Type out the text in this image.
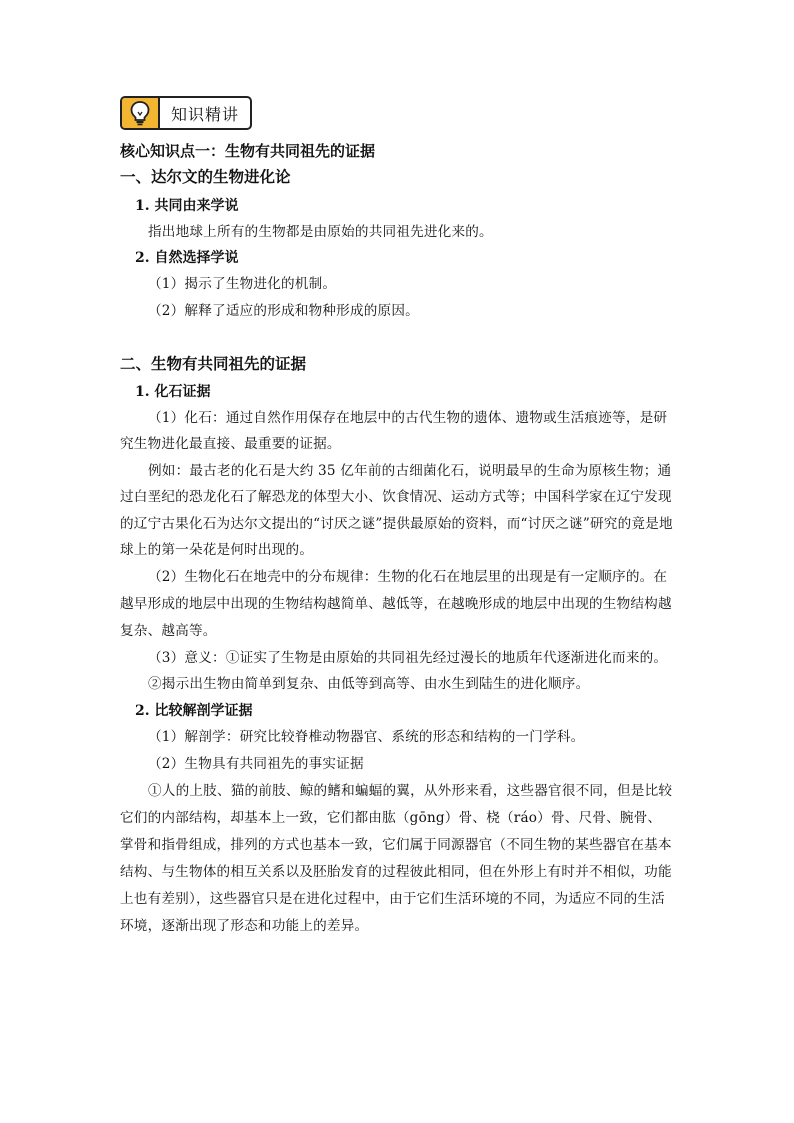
知识精讲
核心知识点一：生物有共同祖先的证据
一、达尔文的生物进化论
1. 共同由来学说
指出地球上所有的生物都是由原始的共同祖先进化来的。
2. 自然选择学说
（1）揭示了生物进化的机制。
（2）解释了适应的形成和物种形成的原因。
二、生物有共同祖先的证据
1. 化石证据
（1）化石：通过自然作用保存在地层中的古代生物的遗体、遗物或生活痕迹等，是研
究生物进化最直接、最重要的证据。
例如：最古老的化石是大约 35 亿年前的古细菌化石，说明最早的生命为原核生物；通
过白垩纪的恐龙化石了解恐龙的体型大小、饮食情况、运动方式等；中国科学家在辽宁发现
的辽宁古果化石为达尔文提出的“讨厌之谜”提供最原始的资料，而“讨厌之谜”研究的竟是地
球上的第一朵花是何时出现的。
（2）生物化石在地壳中的分布规律：生物的化石在地层里的出现是有一定顺序的。在
越早形成的地层中出现的生物结构越简单、越低等，在越晚形成的地层中出现的生物结构越
复杂、越高等。
（3）意义：①证实了生物是由原始的共同祖先经过漫长的地质年代逐渐进化而来的。
②揭示出生物由简单到复杂、由低等到高等、由水生到陆生的进化顺序。
2. 比较解剖学证据
（1）解剖学：研究比较脊椎动物器官、系统的形态和结构的一门学科。
（2）生物具有共同祖先的事实证据
①人的上肢、猫的前肢、鲸的鳍和蝙蝠的翼，从外形来看，这些器官很不同，但是比较
它们的内部结构，却基本上一致，它们都由肱（gōng）骨、桡（ráo）骨、尺骨、腕骨、
掌骨和指骨组成，排列的方式也基本一致，它们属于同源器官（不同生物的某些器官在基本
结构、与生物体的相互关系以及胚胎发育的过程彼此相同，但在外形上有时并不相似，功能
上也有差别），这些器官只是在进化过程中，由于它们生活环境的不同，为适应不同的生活
环境，逐渐出现了形态和功能上的差异。
